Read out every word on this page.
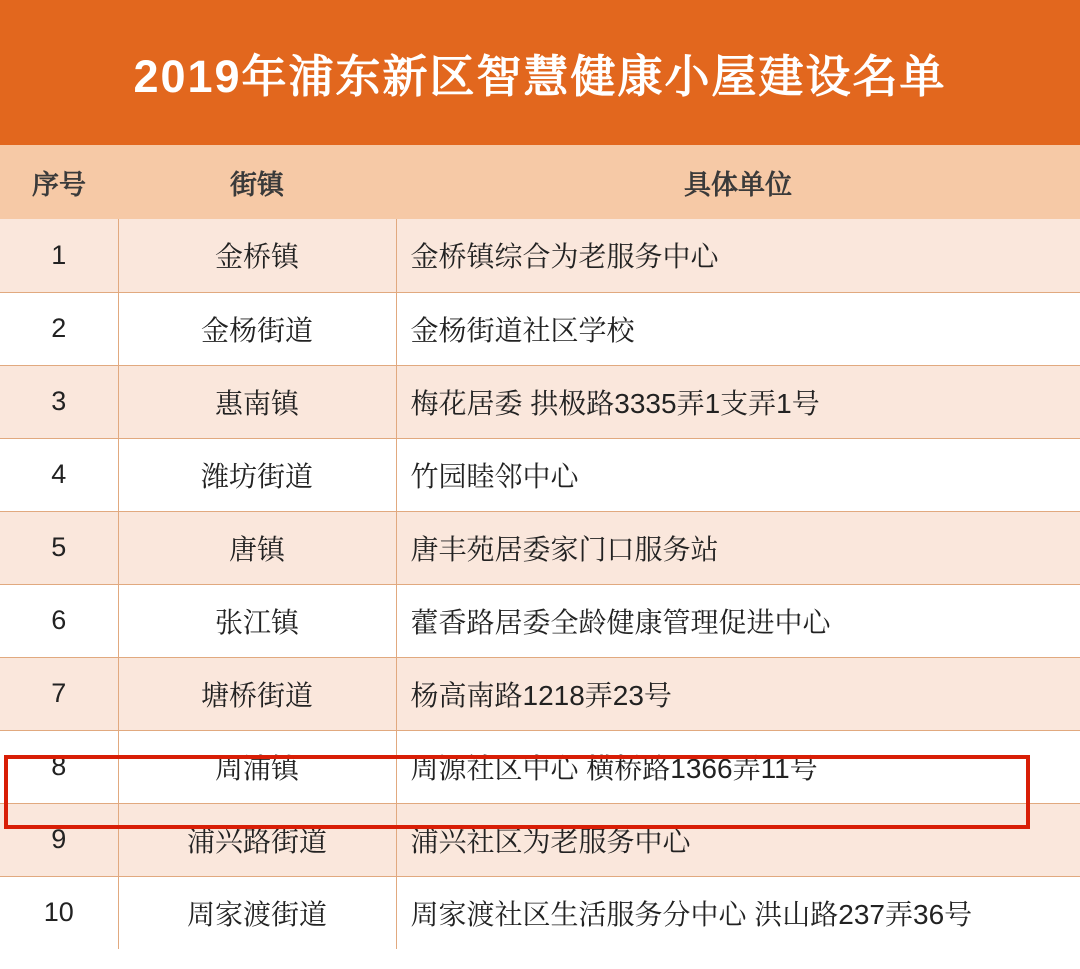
2019年浦东新区智慧健康小屋建设名单
序号	街镇	具体单位
1	金桥镇	金桥镇综合为老服务中心
2	金杨街道	金杨街道社区学校
3	惠南镇	梅花居委 拱极路3335弄1支弄1号
4	潍坊街道	竹园睦邻中心
5	唐镇	唐丰苑居委家门口服务站
6	张江镇	藿香路居委全龄健康管理促进中心
7	塘桥街道	杨高南路1218弄23号
8	周浦镇	周源社区中心 横桥路1366弄11号
9	浦兴路街道	浦兴社区为老服务中心
10	周家渡街道	周家渡社区生活服务分中心 洪山路237弄36号
